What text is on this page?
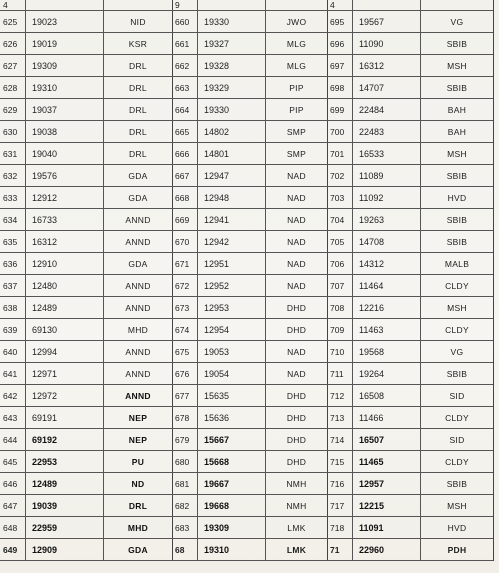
4
625	19023	NID
626	19019	KSR
627	19309	DRL
628	19310	DRL
629	19037	DRL
630	19038	DRL
631	19040	DRL
632	19576	GDA
633	12912	GDA
634	16733	ANND
635	16312	ANND
636	12910	GDA
637	12480	ANND
638	12489	ANND
639	69130	MHD
640	12994	ANND
641	12971	ANND
642	12972	ANND
643	69191	NEP
644	69192	NEP
645	22953	PU
646	12489	ND
647	19039	DRL
648	22959	MHD
649	12909	GDA
9
660	19330	JWO
661	19327	MLG
662	19328	MLG
663	19329	PIP
664	19330	PIP
665	14802	SMP
666	14801	SMP
667	12947	NAD
668	12948	NAD
669	12941	NAD
670	12942	NAD
671	12951	NAD
672	12952	NAD
673	12953	DHD
674	12954	DHD
675	19053	NAD
676	19054	NAD
677	15635	DHD
678	15636	DHD
679	15667	DHD
680	15668	DHD
681	19667	NMH
682	19668	NMH
683	19309	LMK
68	19310	LMK
4
695	19567	VG
696	11090	SBIB
697	16312	MSH
698	14707	SBIB
699	22484	BAH
700	22483	BAH
701	16533	MSH
702	11089	SBIB
703	11092	HVD
704	19263	SBIB
705	14708	SBIB
706	14312	MALB
707	11464	CLDY
708	12216	MSH
709	11463	CLDY
710	19568	VG
711	19264	SBIB
712	16508	SID
713	11466	CLDY
714	16507	SID
715	11465	CLDY
716	12957	SBIB
717	12215	MSH
718	11091	HVD
71	22960	PDH
